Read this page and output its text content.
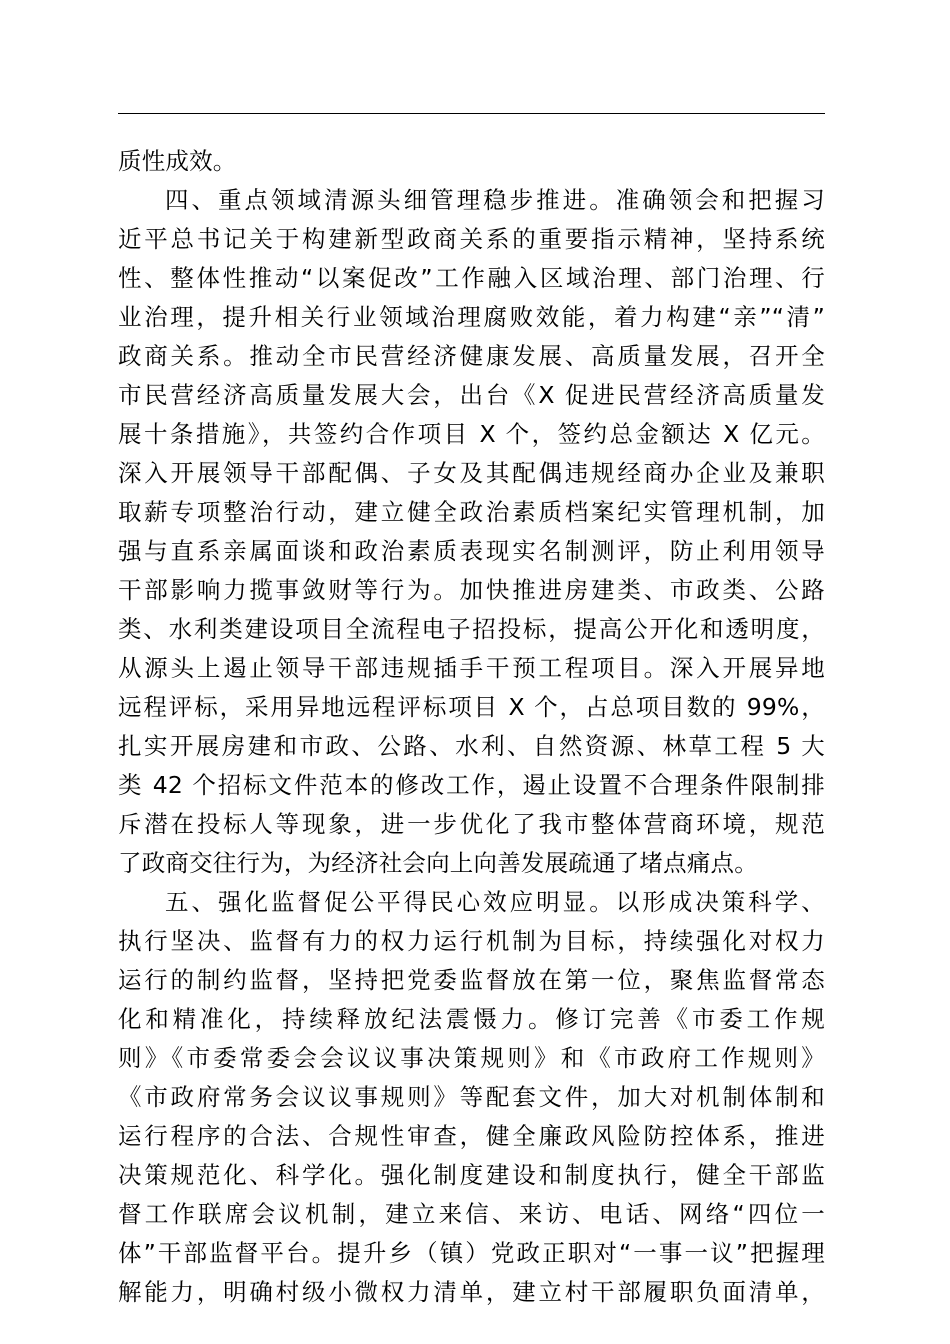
质性成效。
四、重点领域清源头细管理稳步推进。准确领会和把握习
近平总书记关于构建新型政商关系的重要指示精神，坚持系统
性、整体性推动“以案促改”工作融入区域治理、部门治理、行
业治理，提升相关行业领域治理腐败效能，着力构建“亲”“清”
政商关系。推动全市民营经济健康发展、高质量发展，召开全
市民营经济高质量发展大会，出台《X 促进民营经济高质量发
展十条措施》，共签约合作项目 X 个，签约总金额达 X 亿元。
深入开展领导干部配偶、子女及其配偶违规经商办企业及兼职
取薪专项整治行动，建立健全政治素质档案纪实管理机制，加
强与直系亲属面谈和政治素质表现实名制测评，防止利用领导
干部影响力揽事敛财等行为。加快推进房建类、市政类、公路
类、水利类建设项目全流程电子招投标，提高公开化和透明度，
从源头上遏止领导干部违规插手干预工程项目。深入开展异地
远程评标，采用异地远程评标项目 X 个，占总项目数的 99%，
扎实开展房建和市政、公路、水利、自然资源、林草工程 5 大
类 42 个招标文件范本的修改工作，遏止设置不合理条件限制排
斥潜在投标人等现象，进一步优化了我市整体营商环境，规范
了政商交往行为，为经济社会向上向善发展疏通了堵点痛点。
五、强化监督促公平得民心效应明显。以形成决策科学、
执行坚决、监督有力的权力运行机制为目标，持续强化对权力
运行的制约监督，坚持把党委监督放在第一位，聚焦监督常态
化和精准化，持续释放纪法震慑力。修订完善《市委工作规
则》《市委常委会会议议事决策规则》和《市政府工作规则》
《市政府常务会议议事规则》等配套文件，加大对机制体制和
运行程序的合法、合规性审查，健全廉政风险防控体系，推进
决策规范化、科学化。强化制度建设和制度执行，健全干部监
督工作联席会议机制，建立来信、来访、电话、网络“四位一
体”干部监督平台。提升乡（镇）党政正职对“一事一议”把握理
解能力，明确村级小微权力清单，建立村干部履职负面清单，
